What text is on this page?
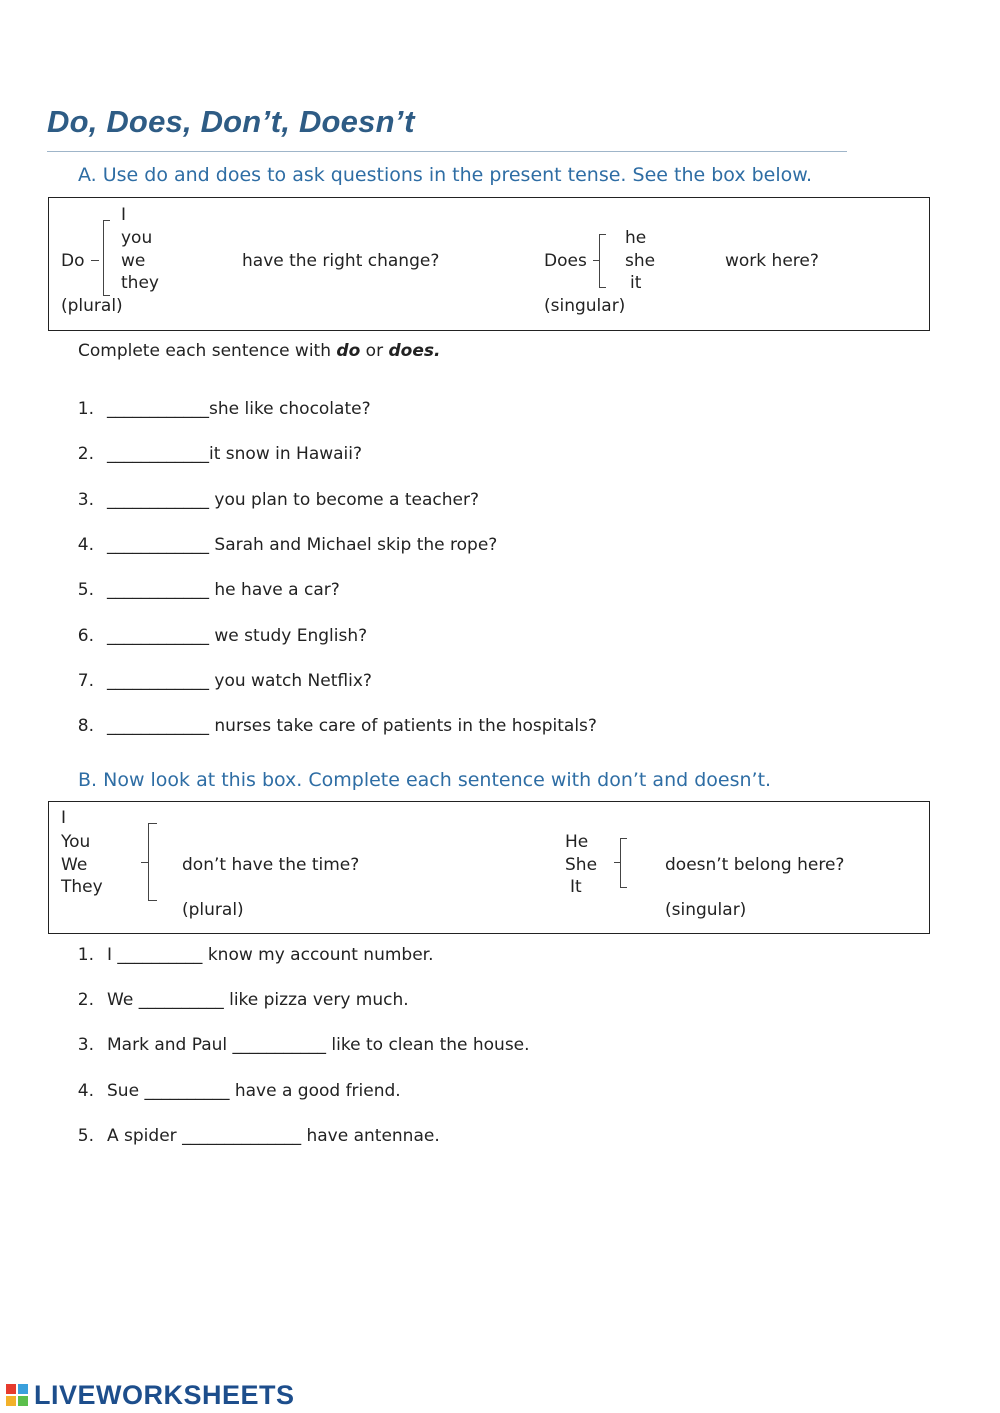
Do, Does, Don’t, Doesn’t
A. Use do and does to ask questions in the present tense. See the box below.
Do
I
you
we
they
have the right change?
(plural)
Does
he
she
it
work here?
(singular)
Complete each sentence with do or does.
1. ____________she like chocolate?
2. ____________it snow in Hawaii?
3. ____________ you plan to become a teacher?
4. ____________ Sarah and Michael skip the rope?
5. ____________ he have a car?
6. ____________ we study English?
7. ____________ you watch Netflix?
8. ____________ nurses take care of patients in the hospitals?
B. Now look at this box. Complete each sentence with don’t and doesn’t.
I
You
We
They
don’t have the time?
(plural)
He
She
It
doesn’t belong here?
(singular)
1. I __________ know my account number.
2. We __________ like pizza very much.
3. Mark and Paul ___________ like to clean the house.
4. Sue __________ have a good friend.
5. A spider ______________ have antennae.
LIVEWORKSHEETS
